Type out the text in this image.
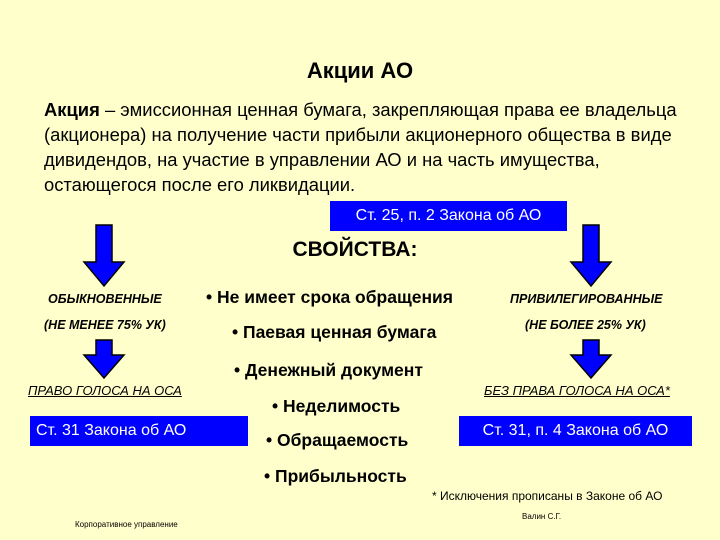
Акции АО
Акция – эмиссионная ценная бумага, закрепляющая права ее владельца (акционера) на получение части прибыли акционерного общества в виде дивидендов, на участие в управлении АО и на часть имущества, остающегося после его ликвидации.
Ст. 25, п. 2 Закона об АО
СВОЙСТВА:
ОБЫКНОВЕННЫЕ
(НЕ МЕНЕЕ 75% УК)
ПРАВО ГОЛОСА НА ОСА
Ст. 31 Закона об АО
ПРИВИЛЕГИРОВАННЫЕ
(НЕ БОЛЕЕ 25% УК)
БЕЗ ПРАВА ГОЛОСА НА ОСА*
Ст. 31, п. 4 Закона об АО
• Не имеет срока обращения
• Паевая ценная бумага
• Денежный документ
• Неделимость
• Обращаемость
• Прибыльность
* Исключения прописаны в Законе об АО
Корпоративное управление
Валин С.Г.
